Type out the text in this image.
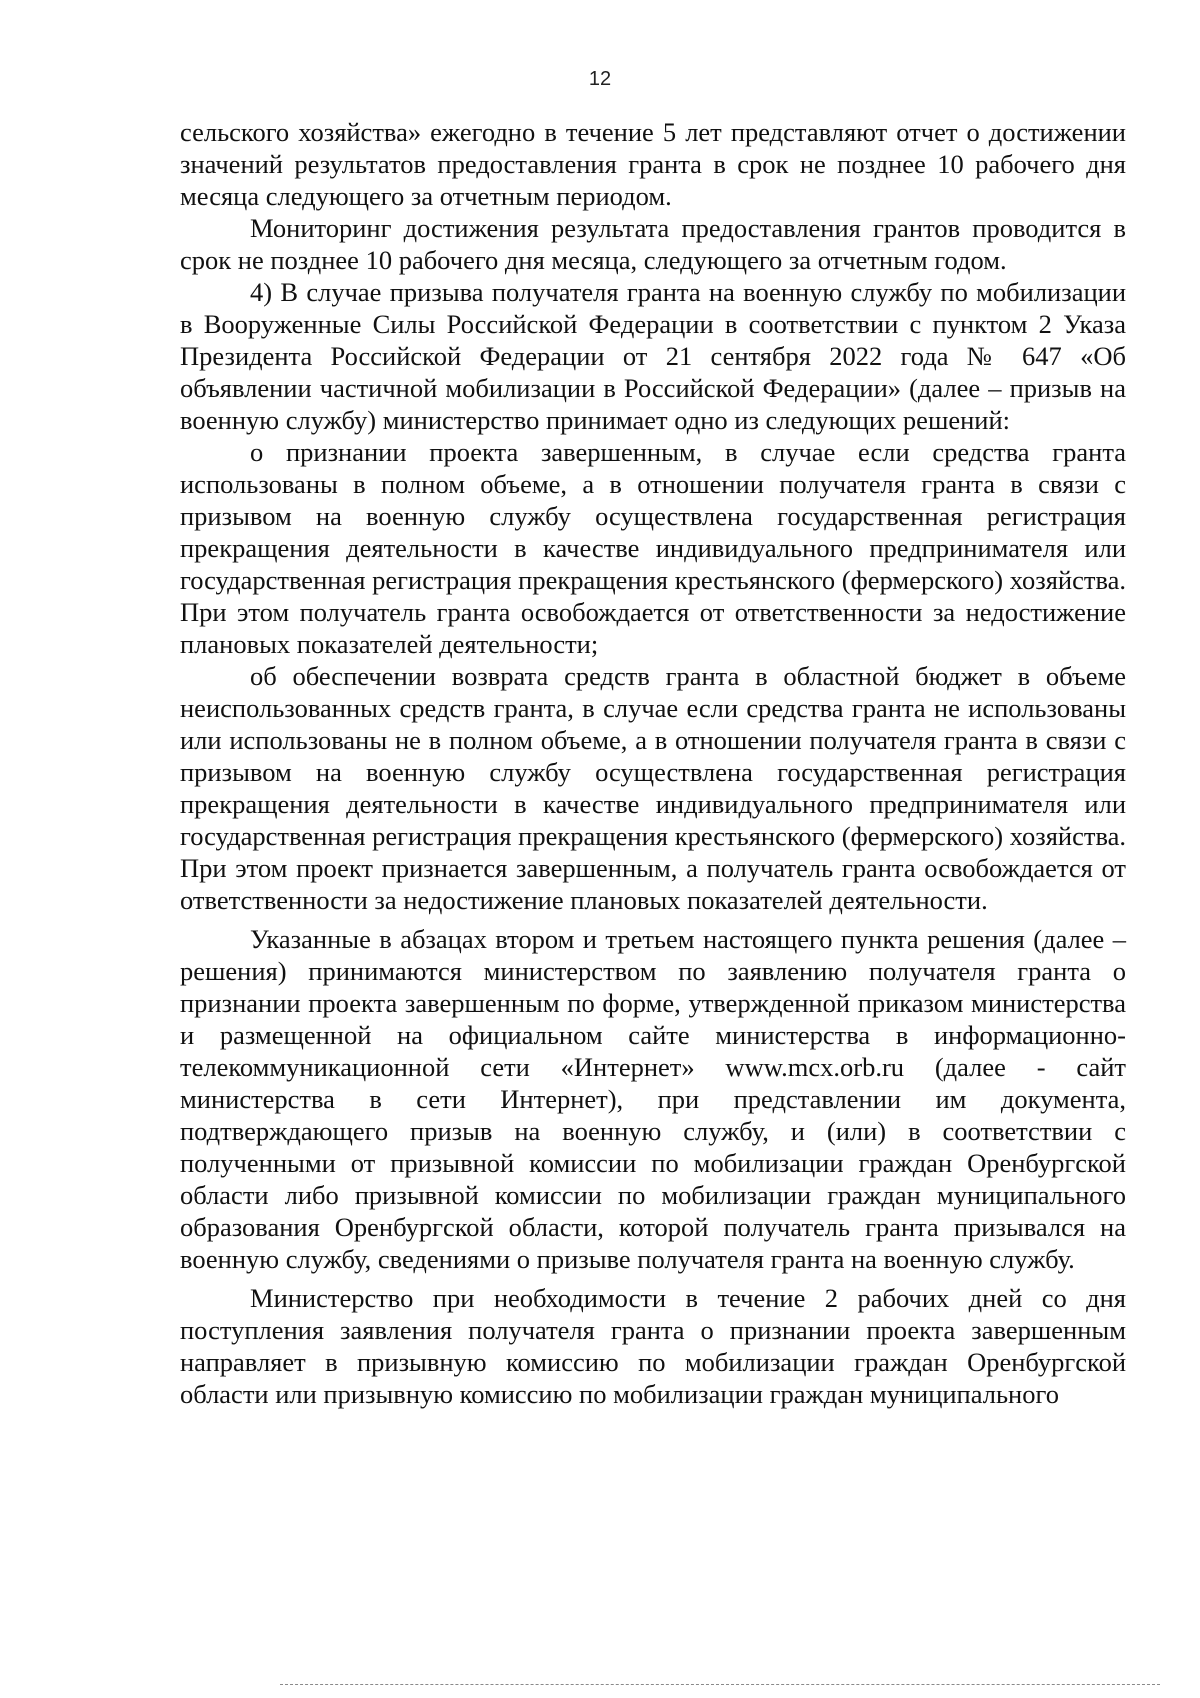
12

сельского хозяйства» ежегодно в течение 5 лет представляют отчет о достижении значений результатов предоставления гранта в срок не позднее 10 рабочего дня месяца следующего за отчетным периодом.

Мониторинг достижения результата предоставления грантов проводится в срок не позднее 10 рабочего дня месяца, следующего за отчетным годом.

4) В случае призыва получателя гранта на военную службу по мобилизации в Вооруженные Силы Российской Федерации в соответствии с пунктом 2 Указа Президента Российской Федерации от 21 сентября 2022 года № 647 «Об объявлении частичной мобилизации в Российской Федерации» (далее – призыв на военную службу) министерство принимает одно из следующих решений:

о признании проекта завершенным, в случае если средства гранта использованы в полном объеме, а в отношении получателя гранта в связи с призывом на военную службу осуществлена государственная регистрация прекращения деятельности в качестве индивидуального предпринимателя или государственная регистрация прекращения крестьянского (фермерского) хозяйства. При этом получатель гранта освобождается от ответственности за недостижение плановых показателей деятельности;

об обеспечении возврата средств гранта в областной бюджет в объеме неиспользованных средств гранта, в случае если средства гранта не использованы или использованы не в полном объеме, а в отношении получателя гранта в связи с призывом на военную службу осуществлена государственная регистрация прекращения деятельности в качестве индивидуального предпринимателя или государственная регистрация прекращения крестьянского (фермерского) хозяйства. При этом проект признается завершенным, а получатель гранта освобождается от ответственности за недостижение плановых показателей деятельности.

Указанные в абзацах втором и третьем настоящего пункта решения (далее – решения) принимаются министерством по заявлению получателя гранта о признании проекта завершенным по форме, утвержденной приказом министерства и размещенной на официальном сайте министерства в информационно-телекоммуникационной сети «Интернет» www.mcx.orb.ru (далее - сайт министерства в сети Интернет), при представлении им документа, подтверждающего призыв на военную службу, и (или) в соответствии с полученными от призывной комиссии по мобилизации граждан Оренбургской области либо призывной комиссии по мобилизации граждан муниципального образования Оренбургской области, которой получатель гранта призывался на военную службу, сведениями о призыве получателя гранта на военную службу.

Министерство при необходимости в течение 2 рабочих дней со дня поступления заявления получателя гранта о признании проекта завершенным направляет в призывную комиссию по мобилизации граждан Оренбургской области или призывную комиссию по мобилизации граждан муниципального
